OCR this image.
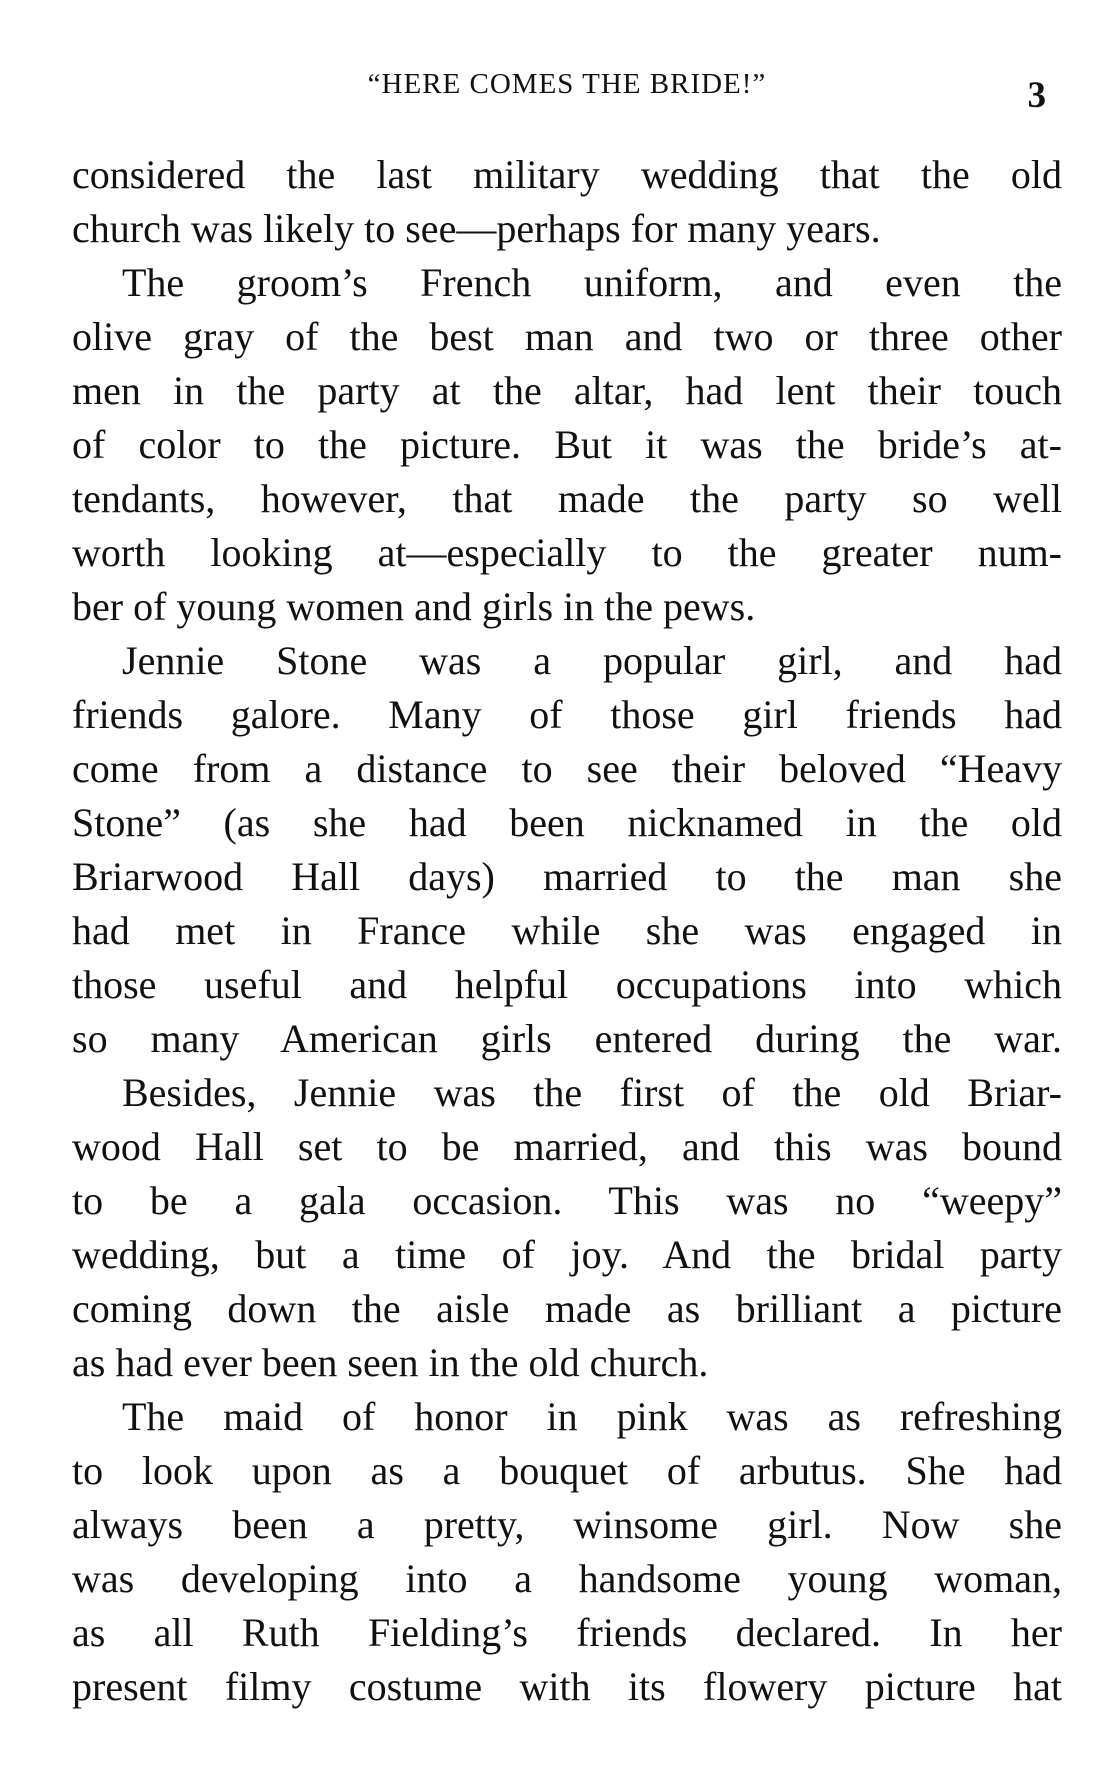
“HERE COMES THE BRIDE!”	3
considered the last military wedding that the old
church was likely to see—perhaps for many years.
The groom’s French uniform, and even the
olive gray of the best man and two or three other
men in the party at the altar, had lent their touch
of color to the picture. But it was the bride’s at-
tendants, however, that made the party so well
worth looking at—especially to the greater num-
ber of young women and girls in the pews.
Jennie Stone was a popular girl, and had
friends galore. Many of those girl friends had
come from a distance to see their beloved “Heavy
Stone” (as she had been nicknamed in the old
Briarwood Hall days) married to the man she
had met in France while she was engaged in
those useful and helpful occupations into which
so many American girls entered during the war.
Besides, Jennie was the first of the old Briar-
wood Hall set to be married, and this was bound
to be a gala occasion. This was no “weepy”
wedding, but a time of joy. And the bridal party
coming down the aisle made as brilliant a picture
as had ever been seen in the old church.
The maid of honor in pink was as refreshing
to look upon as a bouquet of arbutus. She had
always been a pretty, winsome girl. Now she
was developing into a handsome young woman,
as all Ruth Fielding’s friends declared. In her
present filmy costume with its flowery picture hat
